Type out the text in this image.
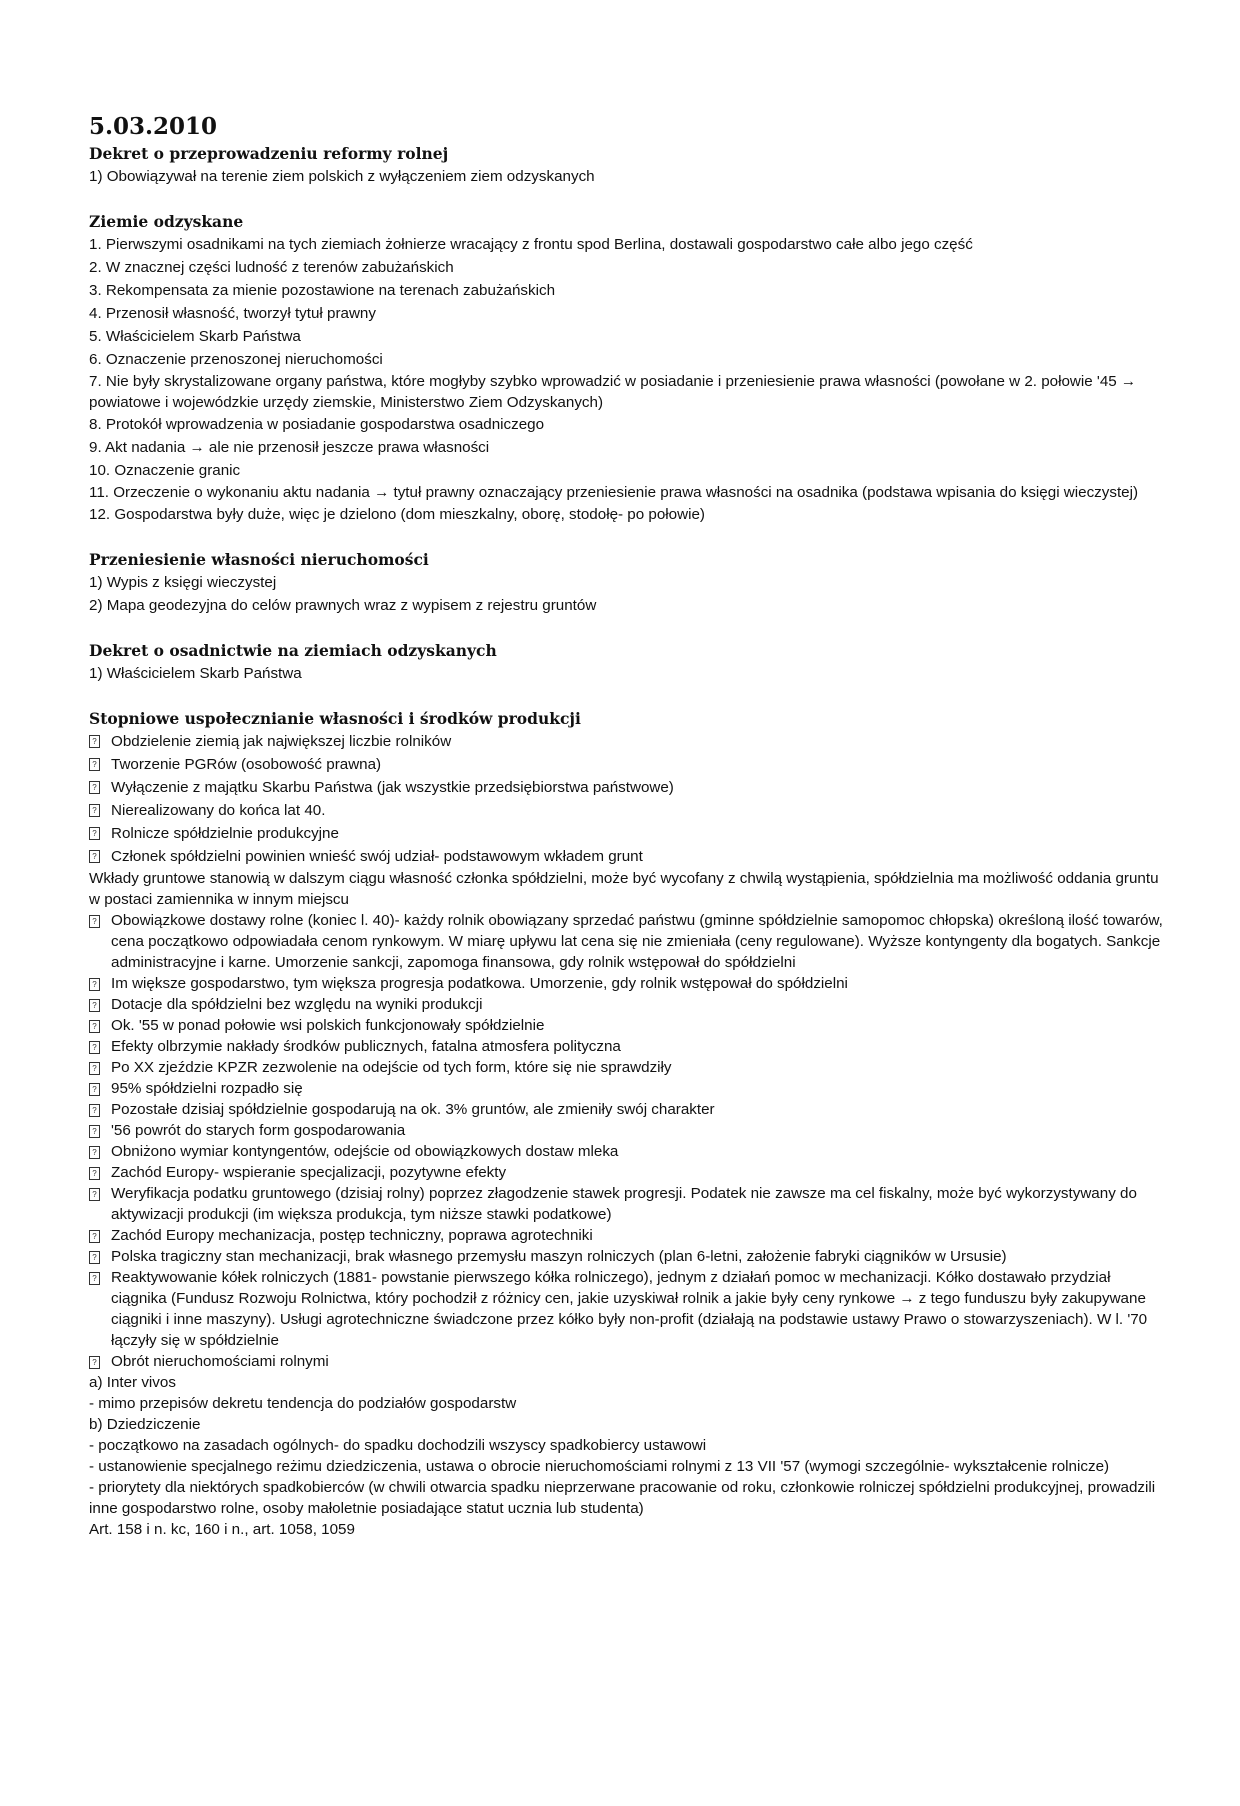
5.03.2010
Dekret o przeprowadzeniu reformy rolnej
1) Obowiązywał na terenie ziem polskich z wyłączeniem ziem odzyskanych
Ziemie odzyskane
1. Pierwszymi osadnikami na tych ziemiach żołnierze wracający z frontu spod Berlina, dostawali gospodarstwo całe albo jego część
2. W znacznej części ludność z terenów zabużańskich
3. Rekompensata za mienie pozostawione na terenach zabużańskich
4. Przenosił własność, tworzył tytuł prawny
5. Właścicielem Skarb Państwa
6. Oznaczenie przenoszonej nieruchomości
7. Nie były skrystalizowane organy państwa, które mogłyby szybko wprowadzić w posiadanie i przeniesienie prawa własności (powołane w 2. połowie '45 → powiatowe i wojewódzkie urzędy ziemskie, Ministerstwo Ziem Odzyskanych)
8. Protokół wprowadzenia w posiadanie gospodarstwa osadniczego
9. Akt nadania → ale nie przenosił jeszcze prawa własności
10. Oznaczenie granic
11. Orzeczenie o wykonaniu aktu nadania → tytuł prawny oznaczający przeniesienie prawa własności na osadnika (podstawa wpisania do księgi wieczystej)
12. Gospodarstwa były duże, więc je dzielono (dom mieszkalny, oborę, stodołę- po połowie)
Przeniesienie własności nieruchomości
1) Wypis z księgi wieczystej
2) Mapa geodezyjna do celów prawnych wraz z wypisem z rejestru gruntów
Dekret o osadnictwie na ziemiach odzyskanych
1) Właścicielem Skarb Państwa
Stopniowe uspołecznianie własności i środków produkcji
?
Obdzielenie ziemią jak największej liczbie rolników
?
Tworzenie PGRów (osobowość prawna)
?
Wyłączenie z majątku Skarbu Państwa (jak wszystkie przedsiębiorstwa państwowe)
?
Nierealizowany do końca lat 40.
?
Rolnicze spółdzielnie produkcyjne
?
Członek spółdzielni powinien wnieść swój udział- podstawowym wkładem grunt
Wkłady gruntowe stanowią w dalszym ciągu własność członka spółdzielni, może być wycofany z chwilą wystąpienia, spółdzielnia ma możliwość oddania gruntu w postaci zamiennika w innym miejscu
?
Obowiązkowe dostawy rolne (koniec l. 40)- każdy rolnik obowiązany sprzedać państwu (gminne spółdzielnie samopomoc chłopska) określoną ilość towarów, cena początkowo odpowiadała cenom rynkowym. W miarę upływu lat cena się nie zmieniała (ceny regulowane). Wyższe kontyngenty dla bogatych. Sankcje administracyjne i karne. Umorzenie sankcji, zapomoga finansowa, gdy rolnik wstępował do spółdzielni
?
Im większe gospodarstwo, tym większa progresja podatkowa. Umorzenie, gdy rolnik wstępował do spółdzielni
?
Dotacje dla spółdzielni bez względu na wyniki produkcji
?
Ok. '55 w ponad połowie wsi polskich funkcjonowały spółdzielnie
?
Efekty olbrzymie nakłady środków publicznych, fatalna atmosfera polityczna
?
Po XX zjeździe KPZR zezwolenie na odejście od tych form, które się nie sprawdziły
?
95% spółdzielni rozpadło się
?
Pozostałe dzisiaj spółdzielnie gospodarują na ok. 3% gruntów, ale zmieniły swój charakter
?
'56 powrót do starych form gospodarowania
?
Obniżono wymiar kontyngentów, odejście od obowiązkowych dostaw mleka
?
Zachód Europy- wspieranie specjalizacji, pozytywne efekty
?
Weryfikacja podatku gruntowego (dzisiaj rolny) poprzez złagodzenie stawek progresji. Podatek nie zawsze ma cel fiskalny, może być wykorzystywany do aktywizacji produkcji (im większa produkcja, tym niższe stawki podatkowe)
?
Zachód Europy mechanizacja, postęp techniczny, poprawa agrotechniki
?
Polska tragiczny stan mechanizacji, brak własnego przemysłu maszyn rolniczych (plan 6-letni, założenie fabryki ciągników w Ursusie)
?
Reaktywowanie kółek rolniczych (1881- powstanie pierwszego kółka rolniczego), jednym z działań pomoc w mechanizacji. Kółko dostawało przydział ciągnika (Fundusz Rozwoju Rolnictwa, który pochodził z różnicy cen, jakie uzyskiwał rolnik a jakie były ceny rynkowe → z tego funduszu były zakupywane ciągniki i inne maszyny). Usługi agrotechniczne świadczone przez kółko były non-profit (działają na podstawie ustawy Prawo o stowarzyszeniach). W l. '70 łączyły się w spółdzielnie
?
Obrót nieruchomościami rolnymi
a) Inter vivos
- mimo przepisów dekretu tendencja do podziałów gospodarstw
b) Dziedziczenie
- początkowo na zasadach ogólnych- do spadku dochodzili wszyscy spadkobiercy ustawowi
- ustanowienie specjalnego reżimu dziedziczenia, ustawa o obrocie nieruchomościami rolnymi z 13 VII '57 (wymogi szczególnie- wykształcenie rolnicze)
- priorytety dla niektórych spadkobierców (w chwili otwarcia spadku nieprzerwane pracowanie od roku, członkowie rolniczej spółdzielni produkcyjnej, prowadzili inne gospodarstwo rolne, osoby małoletnie posiadające statut ucznia lub studenta)
Art. 158 i n. kc, 160 i n., art. 1058, 1059
